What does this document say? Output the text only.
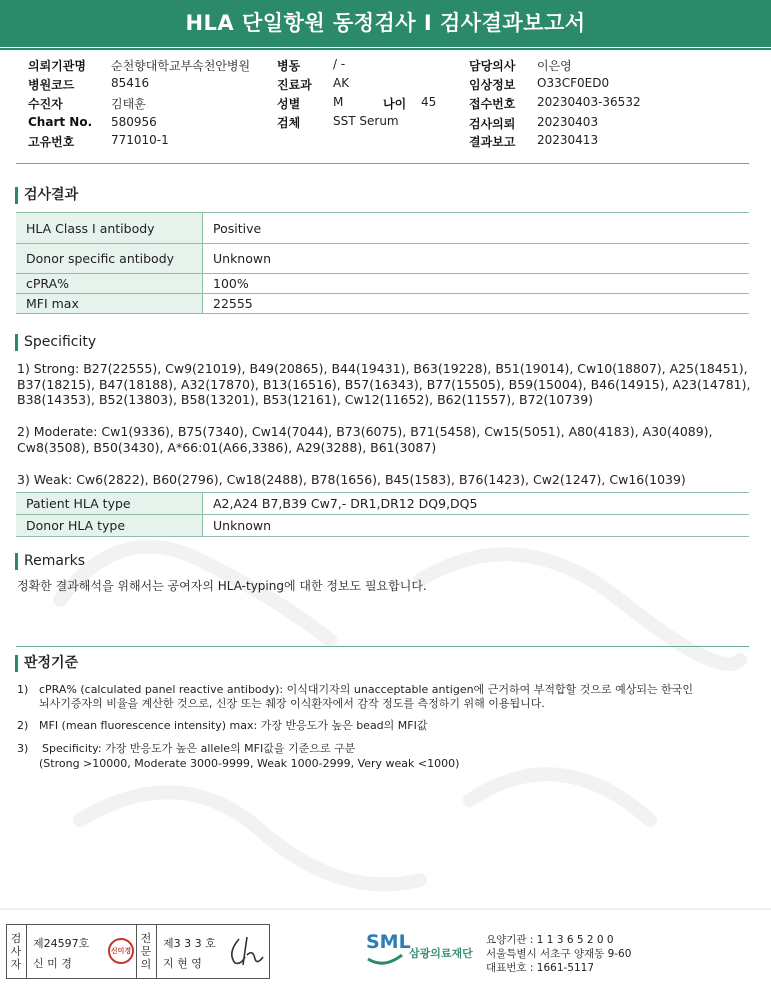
HLA 단일항원 동정검사 I 검사결과보고서
의뢰기관명 순천향대학교부속천안병원
병원코드	85416
수진자	김태훈
Chart No. 580956
고유번호	771010-1
병동	/ -
진료과 AK
성별	M	나이 45
검체	SST Serum
담당의사 이은영
임상정보 O33CF0ED0
접수번호 20230403-36532
검사의뢰 20230403
결과보고 20230413
검사결과
HLA Class I antibody	Positive
Donor specific antibody	Unknown
cPRA%	100%
MFI max	22555
Specificity
1) Strong: B27(22555), Cw9(21019), B49(20865), B44(19431), B63(19228), B51(19014), Cw10(18807), A25(18451), B37(18215), B47(18188), A32(17870), B13(16516), B57(16343), B77(15505), B59(15004), B46(14915), A23(14781), B38(14353), B52(13803), B58(13201), B53(12161), Cw12(11652), B62(11557), B72(10739)
2) Moderate: Cw1(9336), B75(7340), Cw14(7044), B73(6075), B71(5458), Cw15(5051), A80(4183), A30(4089), Cw8(3508), B50(3430), A*66:01(A66,3386), A29(3288), B61(3087)
3) Weak: Cw6(2822), B60(2796), Cw18(2488), B78(1656), B45(1583), B76(1423), Cw2(1247), Cw16(1039)
Patient HLA type	A2,A24 B7,B39 Cw7,- DR1,DR12 DQ9,DQ5
Donor HLA type	Unknown
Remarks
정확한 결과해석을 위해서는 공여자의 HLA-typing에 대한 정보도 필요합니다.
판정기준
1) cPRA% (calculated panel reactive antibody): 이식대기자의 unacceptable antigen에 근거하여 부적합할 것으로 예상되는 한국인
뇌사기증자의 비율을 계산한 것으로, 신장 또는 췌장 이식환자에서 감작 정도를 측정하기 위해 이용됩니다.
2) MFI (mean fluorescence intensity) max: 가장 반응도가 높은 bead의 MFI값
3) Specificity: 가장 반응도가 높은 allele의 MFI값을 기준으로 구분
(Strong >10000, Moderate 3000-9999, Weak 1000-2999, Very weak <1000)
검사자
제24597호
신 미 경
신미경
전문의
제3 3 3 호
지 현 영
SML
삼광의료재단
요양기관 : 1 1 3 6 5 2 0 0
서울특별시 서초구 양재동 9-60
대표번호 : 1661-5117
